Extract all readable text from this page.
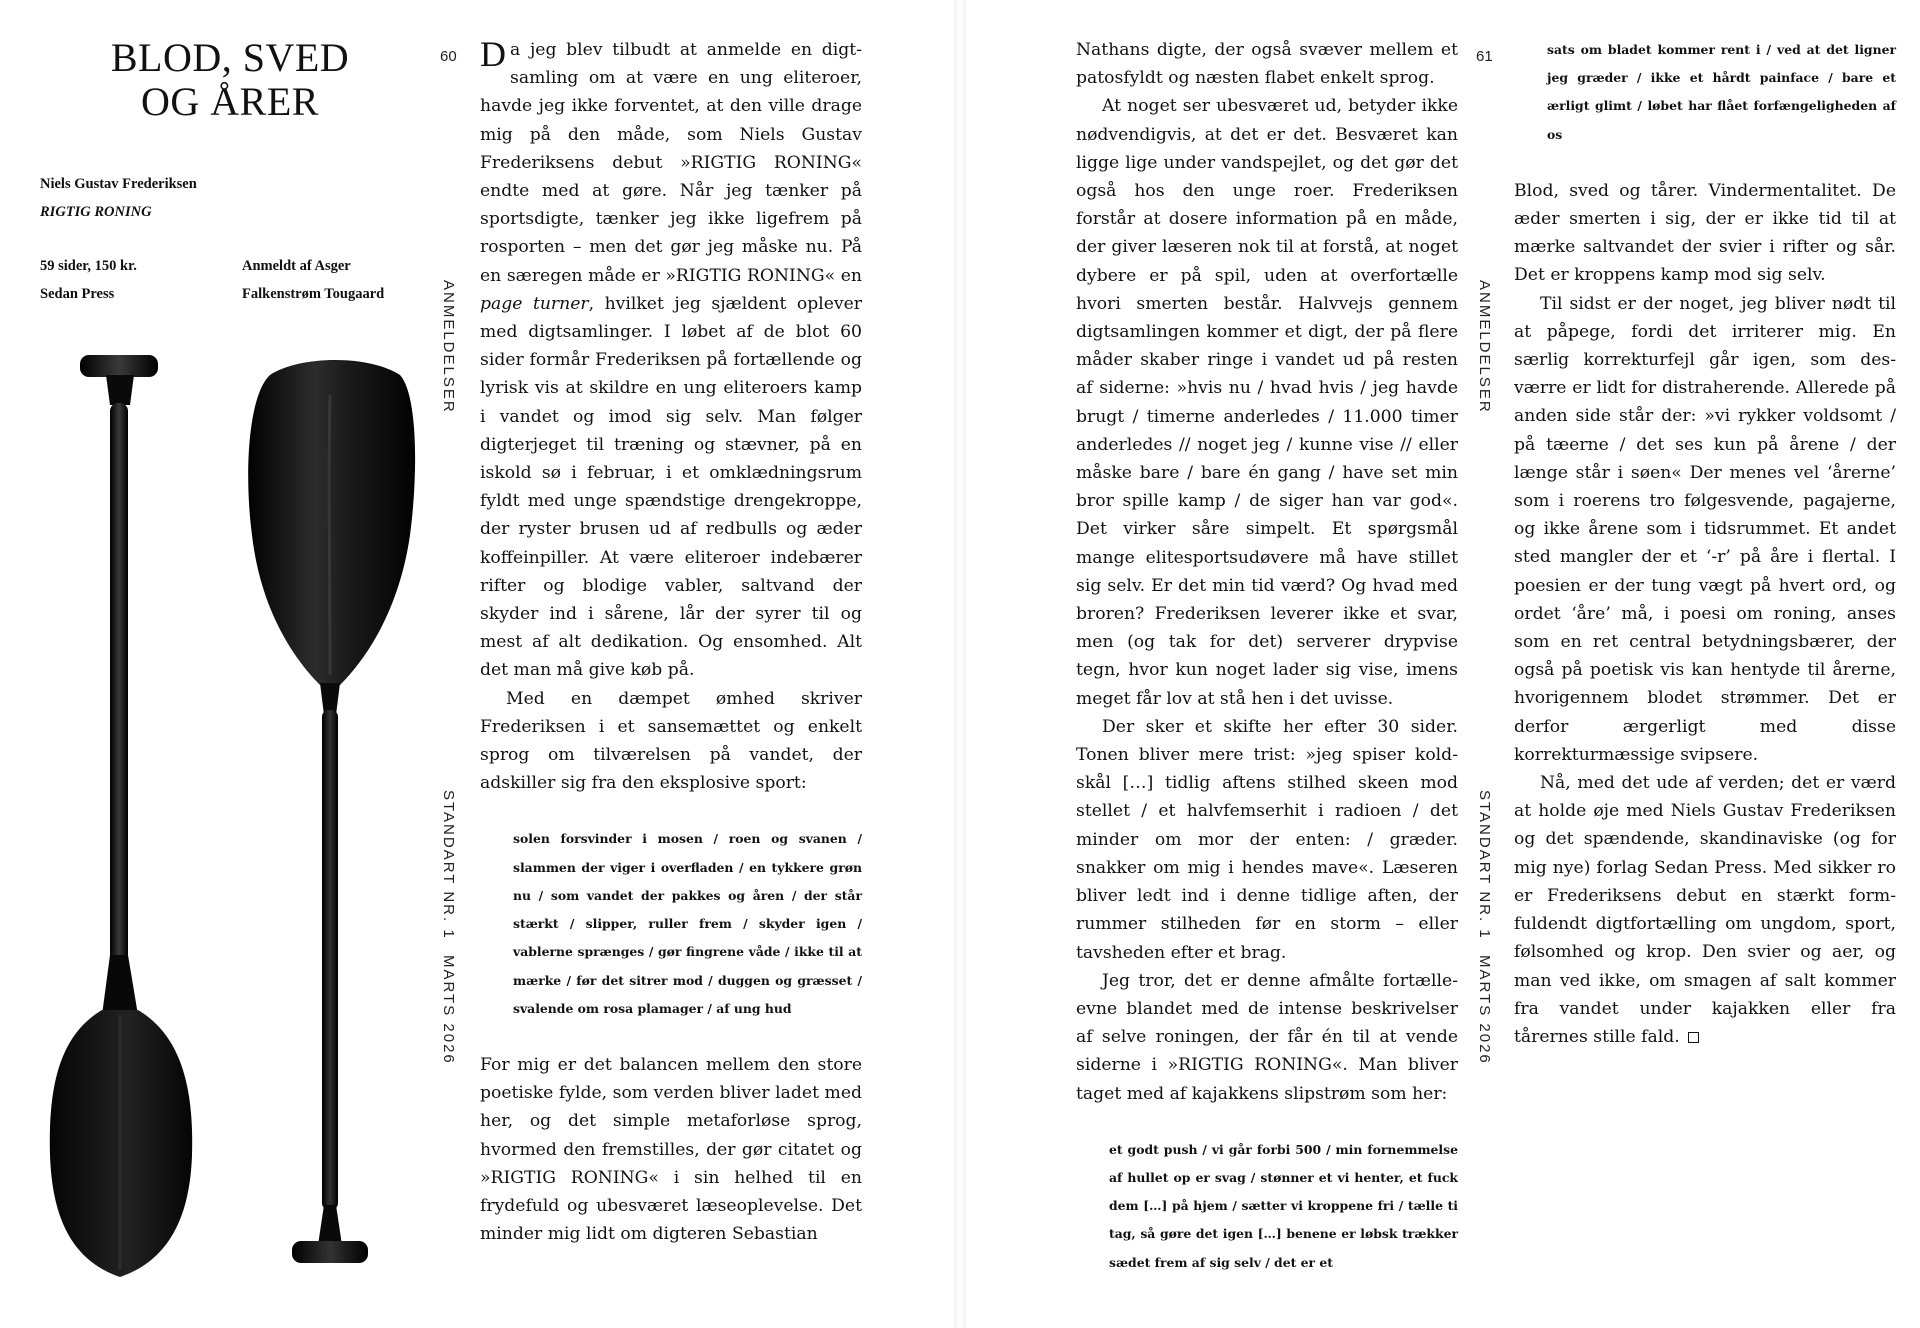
BLOD, SVED
OG ÅRER
Niels Gustav Frederiksen
RIGTIG RONING
59 sider, 150 kr.
Sedan Press
Anmeldt af Asger
Falkenstrøm Tougaard
60
ANMELDELSER
STANDART NR. 1
MARTS 2026

Da jeg blev tilbudt at anmelde en digtsamling om at være en ung eliteroer, havde jeg ikke forventet, at den ville drage mig på den måde, som Niels Gustav Frederiksens debut »RIGTIG RONING« endte med at gøre. Når jeg tænker på sportsdigte, tænker jeg ikke ligefrem på rosporten – men det gør jeg måske nu. På en særegen måde er »RIGTIG RONING« en page turner, hvilket jeg sjældent oplever med digtsamlinger. I løbet af de blot 60 sider formår Frederiksen på fortællende og lyrisk vis at skildre en ung eliteroers kamp i vandet og imod sig selv. Man følger digterjeget til træning og stævner, på en iskold sø i februar, i et omklædningsrum fyldt med unge spændstige drengekroppe, der ryster brusen ud af redbulls og æder koffeinpiller. At være eliteroer indebærer rifter og blodige vabler, saltvand der skyder ind i sårene, lår der syrer til og mest af alt dedikation. Og ensomhed. Alt det man må give køb på.

Med en dæmpet ømhed skriver Frederiksen i et sansemættet og enkelt sprog om tilværelsen på vandet, der adskiller sig fra den eksplosive sport:

solen forsvinder i mosen / roen og svanen / slammen der viger i overfladen / en tykkere grøn nu / som vandet der pakkes og åren / der står stærkt / slipper, ruller frem / skyder igen / vablerne sprænges / gør fingrene våde / ikke til at mærke / før det sitrer mod / duggen og græsset / svalende om rosa plamager / af ung hud

For mig er det balancen mellem den store poetiske fylde, som verden bliver ladet med her, og det simple metaforløse sprog, hvormed den fremstilles, der gør citatet og »RIGTIG RONING« i sin helhed til en frydefuld og ubesværet læseoplevelse. Det minder mig lidt om digteren Sebastian

Nathans digte, der også svæver mellem et patosfyldt og næsten flabet enkelt sprog.

At noget ser ubesværet ud, betyder ikke nødvendigvis, at det er det. Besværet kan ligge lige under vandspejlet, og det gør det også hos den unge roer. Frederiksen forstår at dosere information på en måde, der giver læseren nok til at forstå, at noget dybere er på spil, uden at overfortælle hvori smerten består. Halvvejs gennem digtsamlingen kommer et digt, der på flere måder skaber ringe i vandet ud på resten af siderne: »hvis nu / hvad hvis / jeg havde brugt / timerne anderledes / 11.000 timer anderledes // noget jeg / kunne vise // eller måske bare / bare én gang / have set min bror spille kamp / de siger han var god«. Det virker såre simpelt. Et spørgsmål mange elitesportsudøvere må have stillet sig selv. Er det min tid værd? Og hvad med broren? Frederiksen leverer ikke et svar, men (og tak for det) serverer drypvise tegn, hvor kun noget lader sig vise, imens meget får lov at stå hen i det uvisse.

Der sker et skifte her efter 30 sider. Tonen bliver mere trist: »jeg spiser koldskål […] tidlig aftens stilhed skeen mod stellet / et halvfemserhit i radioen / det minder om mor der enten: / græder. snakker om mig i hendes mave«. Læseren bliver ledt ind i denne tidlige aften, der rummer stilheden før en storm – eller tavsheden efter et brag.

Jeg tror, det er denne afmålte fortælleevne blandet med de intense beskrivelser af selve roningen, der får én til at vende siderne i »RIGTIG RONING«. Man bliver taget med af kajakkens slipstrøm som her:

et godt push / vi går forbi 500 / min fornemmelse af hullet op er svag / stønner et vi henter, et fuck dem […] på hjem / sætter vi kroppene fri / tælle ti tag, så gøre det igen […] benene er løbsk trækker sædet frem af sig selv / det er et

61
ANMELDELSER
STANDART NR. 1
MARTS 2026

sats om bladet kommer rent i / ved at det ligner jeg græder / ikke et hårdt painface / bare et ærligt glimt / løbet har flået forfængeligheden af os

Blod, sved og tårer. Vindermentalitet. De æder smerten i sig, der er ikke tid til at mærke saltvandet der svier i rifter og sår. Det er kroppens kamp mod sig selv.

Til sidst er der noget, jeg bliver nødt til at påpege, fordi det irriterer mig. En særlig korrekturfejl går igen, som desværre er lidt for distraherende. Allerede på anden side står der: »vi rykker voldsomt / på tæerne / det ses kun på årene / der længe står i søen« Der menes vel ‘årerne’ som i roerens tro følgesvende, pagajerne, og ikke årene som i tidsrummet. Et andet sted mangler der et ‘-r’ på åre i flertal. I poesien er der tung vægt på hvert ord, og ordet ‘åre’ må, i poesi om roning, anses som en ret central betydningsbærer, der også på poetisk vis kan hentyde til årerne, hvorigennem blodet strømmer. Det er derfor ærgerligt med disse korrekturmæssige svipsere.

Nå, med det ude af verden; det er værd at holde øje med Niels Gustav Frederiksen og det spændende, skandinaviske (og for mig nye) forlag Sedan Press. Med sikker ro er Frederiksens debut en stærkt formfuldendt digtfortælling om ungdom, sport, følsomhed og krop. Den svier og aer, og man ved ikke, om smagen af salt kommer fra vandet under kajakken eller fra tårernes stille fald.
